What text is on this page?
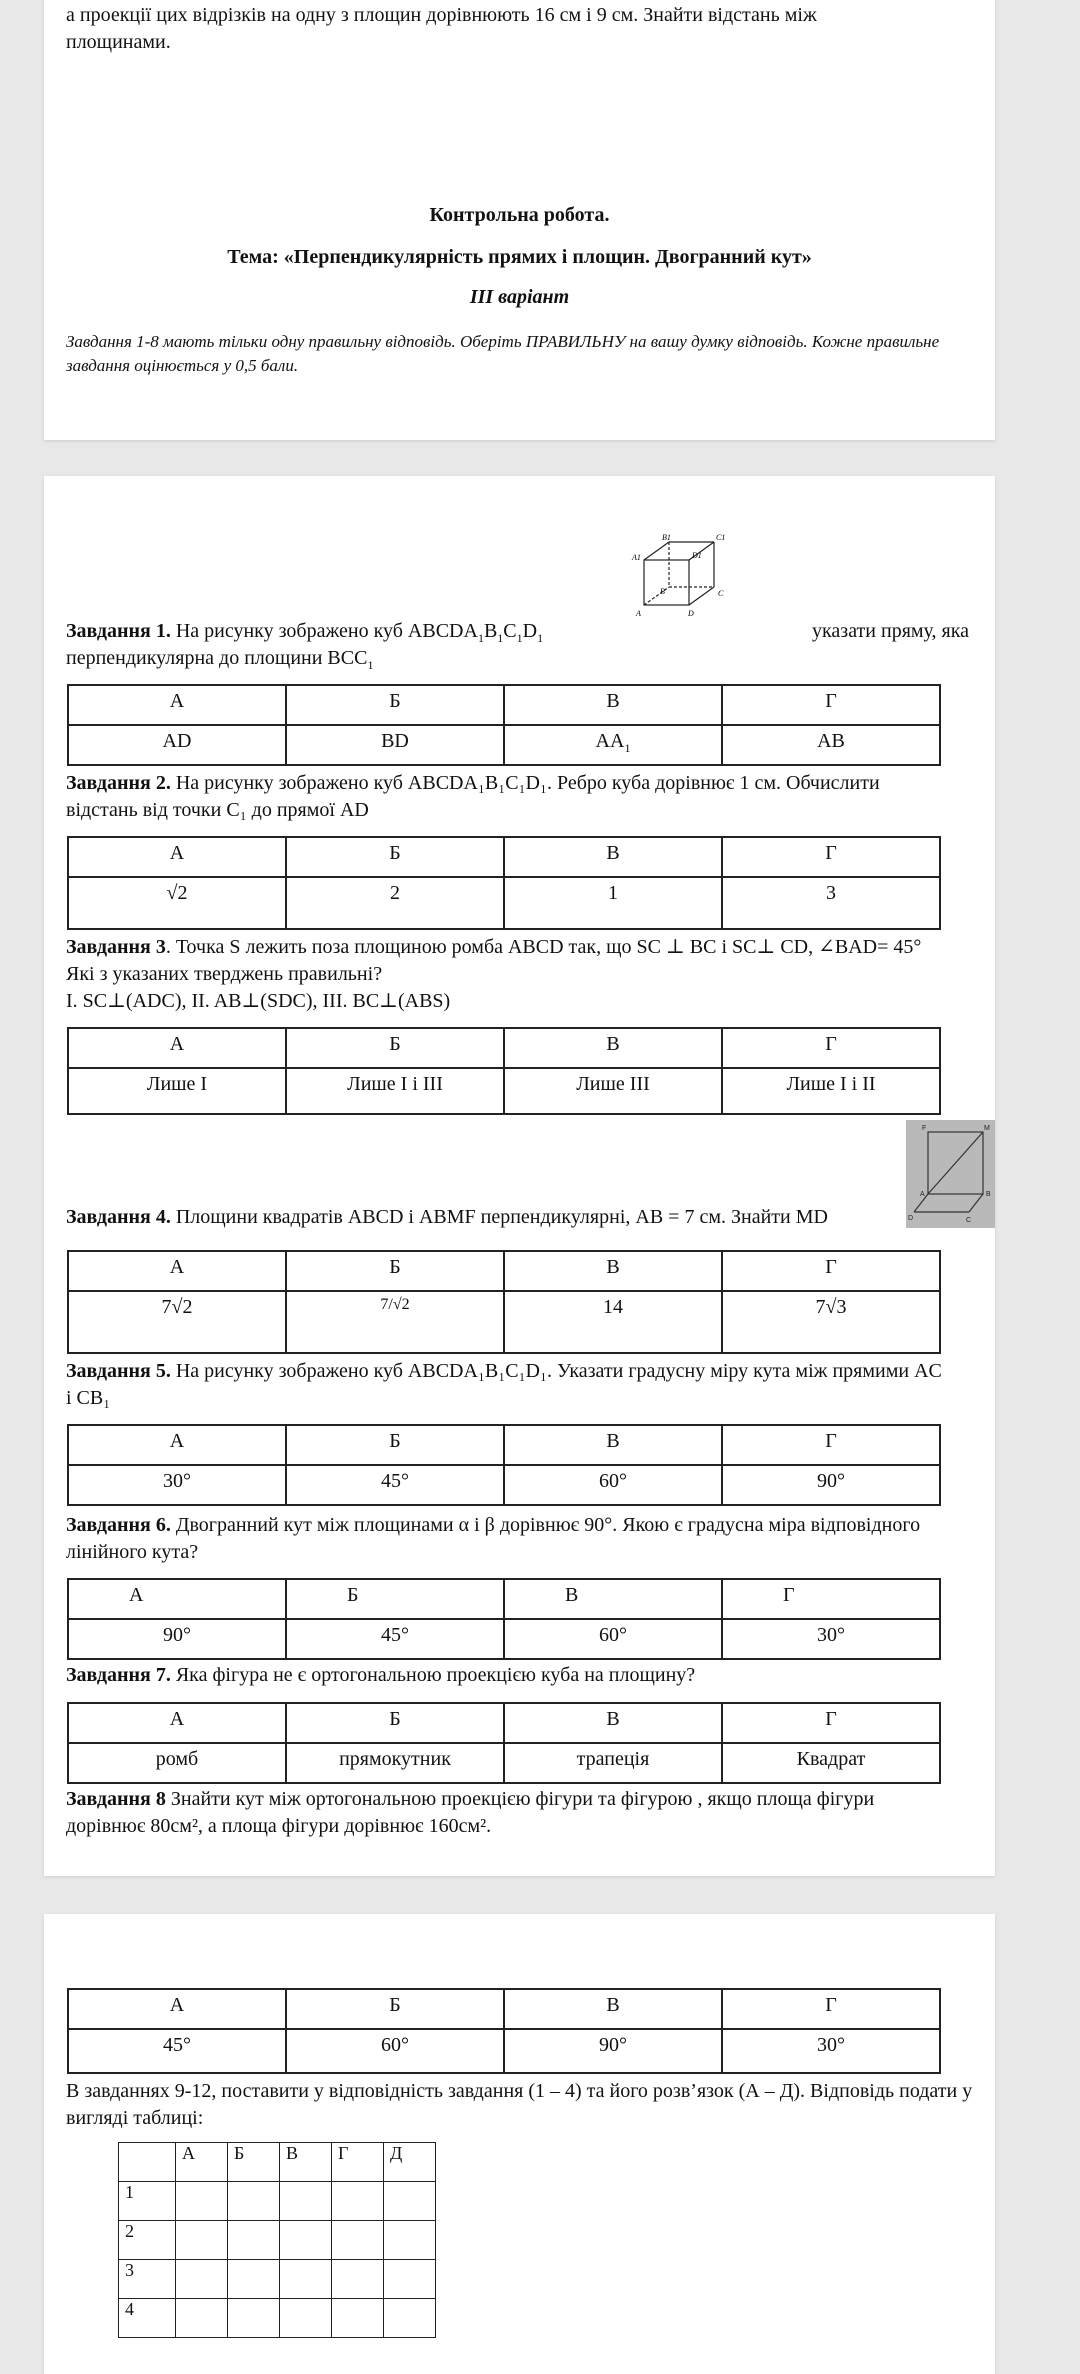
а проекції цих відрізків на одну з площин дорівнюють 16 см і 9 см. Знайти відстань між
площинами.
Контрольна робота.
Тема: «Перпендикулярність прямих і площин. Двогранний кут»
ІІІ варіант
Завдання 1-8 мають тільки одну правильну відповідь. Оберіть ПРАВИЛЬНУ на вашу думку відповідь. Кожне правильне завдання оцінюється у 0,5 бали.
B1	C1
A1	D1
B
A	D
C
Завдання 1. На рисунку зображено куб $ABCDA_1B_1C_1D_1$	указати пряму, яка
перпендикулярна до площини $BCC_1$
А	Б	В	Г
AD	BD	$AA_1$	AB
Завдання 2. На рисунку зображено куб ABCDA₁B₁C₁D₁. Ребро куба дорівнює 1 см. Обчислити
відстань від точки C₁ до прямої AD
А	Б	В	Г
√2	2	1	3
Завдання 3. Точка S лежить поза площиною ромба ABCD так, що SC ⊥ BC і SC⊥ CD, ∠BAD= 45°
Які з указаних тверджень правильні?
I. SC⊥(ADC), II. AB⊥(SDC), III. BC⊥(ABS)
А	Б	В	Г
Лише І	Лише І і ІІІ	Лише ІІІ	Лише І і ІІ
F	M
A	B
D	C
Завдання 4. Площини квадратів ABCD і ABMF перпендикулярні, AB = 7 см. Знайти MD
А	Б	В	Г
7√2	7/√2	14	7√3
Завдання 5. На рисунку зображено куб ABCDA₁B₁C₁D₁. Указати градусну міру кута між прямими AC
і CB₁
А	Б	В	Г
30°	45°	60°	90°
Завдання 6. Двогранний кут між площинами α і β дорівнює 90°. Якою є градусна міра відповідного
лінійного кута?
А	Б	В	Г
90°	45°	60°	30°
Завдання 7. Яка фігура не є ортогональною проекцією куба на площину?
А	Б	В	Г
ромб	прямокутник	трапеція	Квадрат
Завдання 8 Знайти кут між ортогональною проекцією фігури та фігурою , якщо площа фігури
дорівнює 80см², а площа фігури дорівнює 160см².
А	Б	В	Г
45°	60°	90°	30°
В завданнях 9-12, поставити у відповідність завдання (1 – 4) та його розв’язок (А – Д). Відповідь подати у
вигляді таблиці:
	А	Б	В	Г	Д
1					
2					
3					
4					
